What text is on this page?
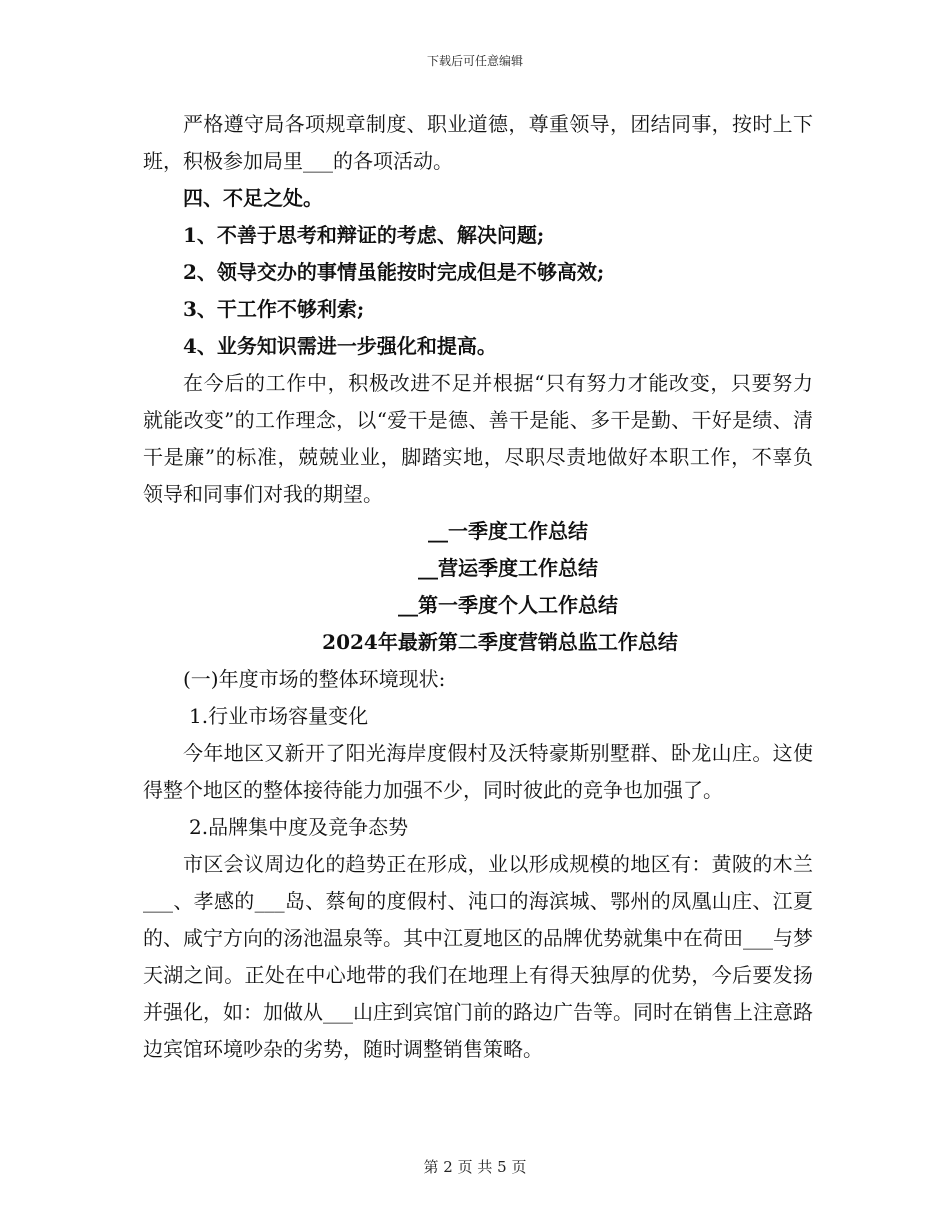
下载后可任意编辑

严格遵守局各项规章制度、职业道德，尊重领导，团结同事，按时上下班，积极参加局里___的各项活动。

四、不足之处。

1、不善于思考和辩证的考虑、解决问题;

2、领导交办的事情虽能按时完成但是不够高效;

3、干工作不够利索;

4、业务知识需进一步强化和提高。

在今后的工作中，积极改进不足并根据“只有努力才能改变，只要努力就能改变”的工作理念，以“爱干是德、善干是能、多干是勤、干好是绩、清干是廉”的标准，兢兢业业，脚踏实地，尽职尽责地做好本职工作，不辜负领导和同事们对我的期望。

__一季度工作总结

__营运季度工作总结

__第一季度个人工作总结

2024年最新第二季度营销总监工作总结

(一)年度市场的整体环境现状:

1.行业市场容量变化

今年地区又新开了阳光海岸度假村及沃特豪斯别墅群、卧龙山庄。这使得整个地区的整体接待能力加强不少，同时彼此的竞争也加强了。

2.品牌集中度及竞争态势

市区会议周边化的趋势正在形成，业以形成规模的地区有：黄陂的木兰___、孝感的___岛、蔡甸的度假村、沌口的海滨城、鄂州的凤凰山庄、江夏的、咸宁方向的汤池温泉等。其中江夏地区的品牌优势就集中在荷田___与梦天湖之间。正处在中心地带的我们在地理上有得天独厚的优势，今后要发扬并强化，如：加做从___山庄到宾馆门前的路边广告等。同时在销售上注意路边宾馆环境吵杂的劣势，随时调整销售策略。

第 2 页 共 5 页
